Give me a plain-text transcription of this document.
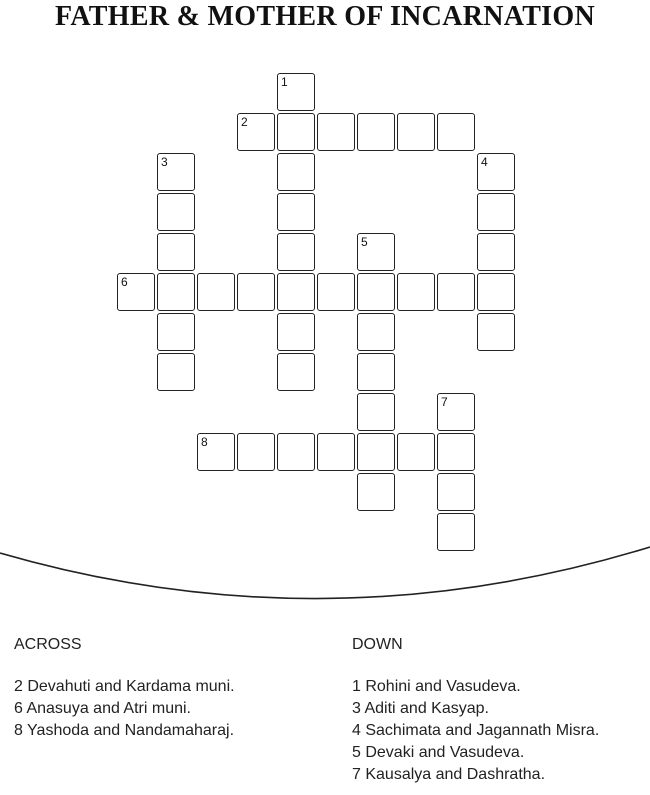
FATHER & MOTHER OF INCARNATION
1
2
3	4
5
6
7
8
ACROSS
2 Devahuti and Kardama muni.
6 Anasuya and Atri muni.
8 Yashoda and Nandamaharaj.
DOWN
1 Rohini and Vasudeva.
3 Aditi and Kasyap.
4 Sachimata and Jagannath Misra.
5 Devaki and Vasudeva.
7 Kausalya and Dashratha.
